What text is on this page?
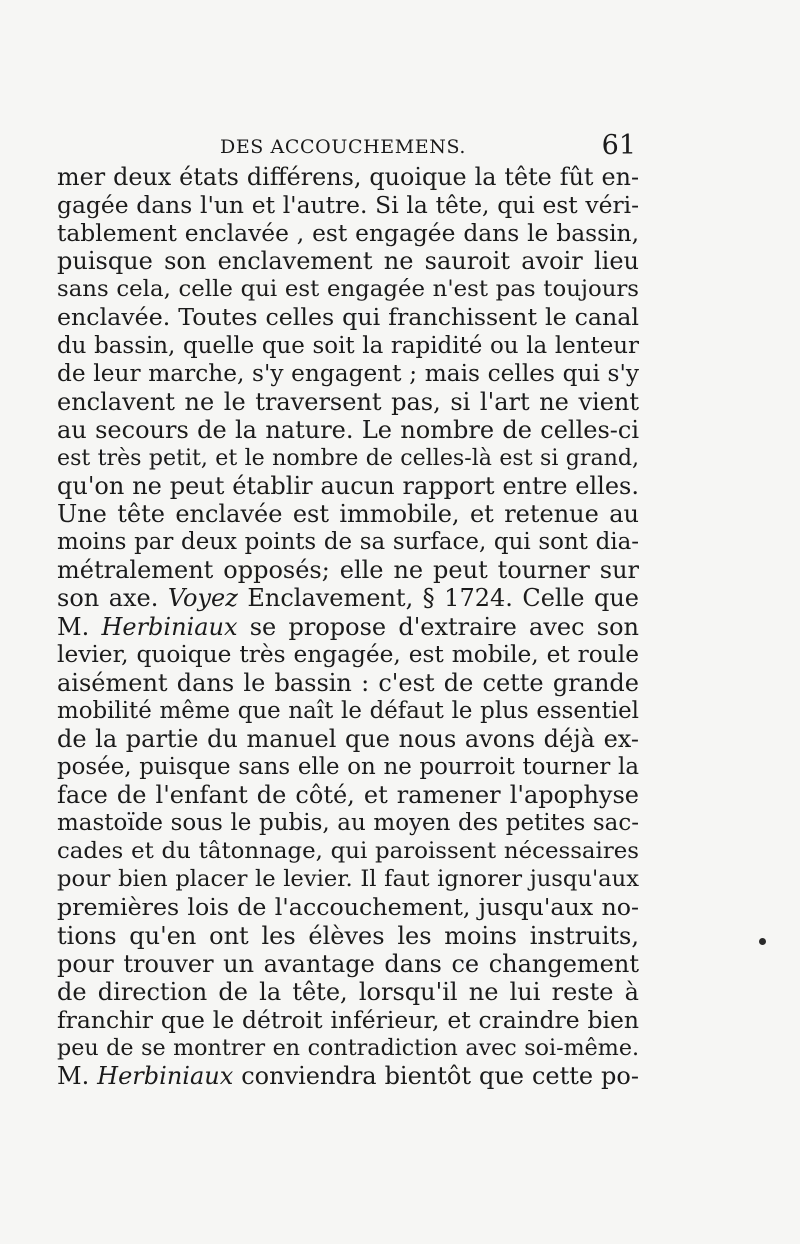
DES ACCOUCHEMENS.	61
mer deux états différens, quoique la tête fût en-
gagée dans l'un et l'autre. Si la tête, qui est véri-
tablement enclavée , est engagée dans le bassin,
puisque son enclavement ne sauroit avoir lieu
sans cela, celle qui est engagée n'est pas toujours
enclavée. Toutes celles qui franchissent le canal
du bassin, quelle que soit la rapidité ou la lenteur
de leur marche, s'y engagent ; mais celles qui s'y
enclavent ne le traversent pas, si l'art ne vient
au secours de la nature. Le nombre de celles-ci
est très petit, et le nombre de celles-là est si grand,
qu'on ne peut établir aucun rapport entre elles.
Une tête enclavée est immobile, et retenue au
moins par deux points de sa surface, qui sont dia-
métralement opposés; elle ne peut tourner sur
son axe. Voyez Enclavement, § 1724. Celle que
M. Herbiniaux se propose d'extraire avec son
levier, quoique très engagée, est mobile, et roule
aisément dans le bassin : c'est de cette grande
mobilité même que naît le défaut le plus essentiel
de la partie du manuel que nous avons déjà ex-
posée, puisque sans elle on ne pourroit tourner la
face de l'enfant de côté, et ramener l'apophyse
mastoïde sous le pubis, au moyen des petites sac-
cades et du tâtonnage, qui paroissent nécessaires
pour bien placer le levier. Il faut ignorer jusqu'aux
premières lois de l'accouchement, jusqu'aux no-
tions qu'en ont les élèves les moins instruits,
pour trouver un avantage dans ce changement
de direction de la tête, lorsqu'il ne lui reste à
franchir que le détroit inférieur, et craindre bien
peu de se montrer en contradiction avec soi-même.
M. Herbiniaux conviendra bientôt que cette po-
